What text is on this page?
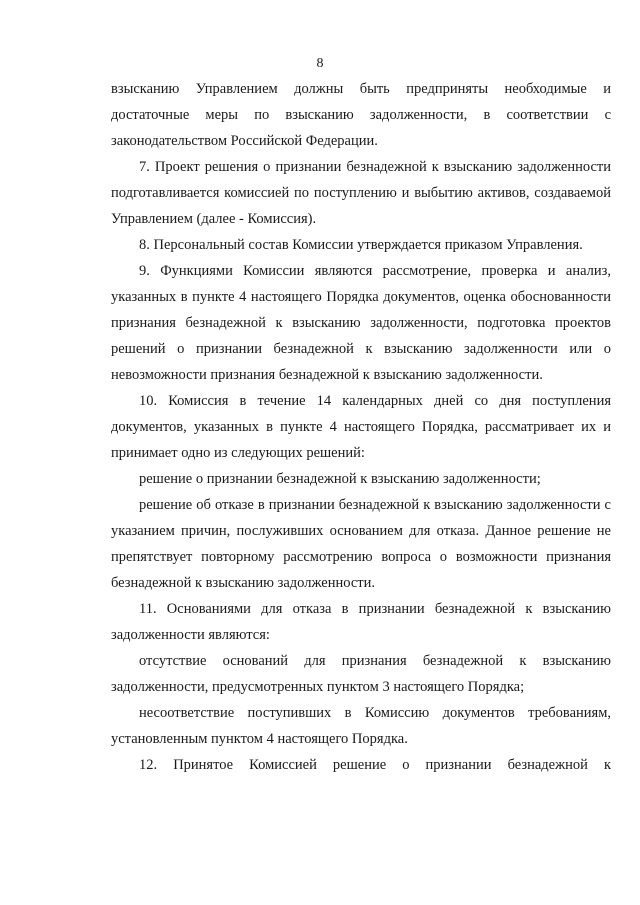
8

взысканию Управлением должны быть предприняты необходимые и достаточные меры по взысканию задолженности, в соответствии с законодательством Российской Федерации.

7. Проект решения о признании безнадежной к взысканию задолженности подготавливается комиссией по поступлению и выбытию активов, создаваемой Управлением (далее - Комиссия).

8. Персональный состав Комиссии утверждается приказом Управления.

9. Функциями Комиссии являются рассмотрение, проверка и анализ, указанных в пункте 4 настоящего Порядка документов, оценка обоснованности признания безнадежной к взысканию задолженности, подготовка проектов решений о признании безнадежной к взысканию задолженности или о невозможности признания безнадежной к взысканию задолженности.

10. Комиссия в течение 14 календарных дней со дня поступления документов, указанных в пункте 4 настоящего Порядка, рассматривает их и принимает одно из следующих решений:

решение о признании безнадежной к взысканию задолженности;

решение об отказе в признании безнадежной к взысканию задолженности с указанием причин, послуживших основанием для отказа. Данное решение не препятствует повторному рассмотрению вопроса о возможности признания безнадежной к взысканию задолженности.

11. Основаниями для отказа в признании безнадежной к взысканию задолженности являются:

отсутствие оснований для признания безнадежной к взысканию задолженности, предусмотренных пунктом 3 настоящего Порядка;

несоответствие поступивших в Комиссию документов требованиям, установленным пунктом 4 настоящего Порядка.

12. Принятое Комиссией решение о признании безнадежной к
